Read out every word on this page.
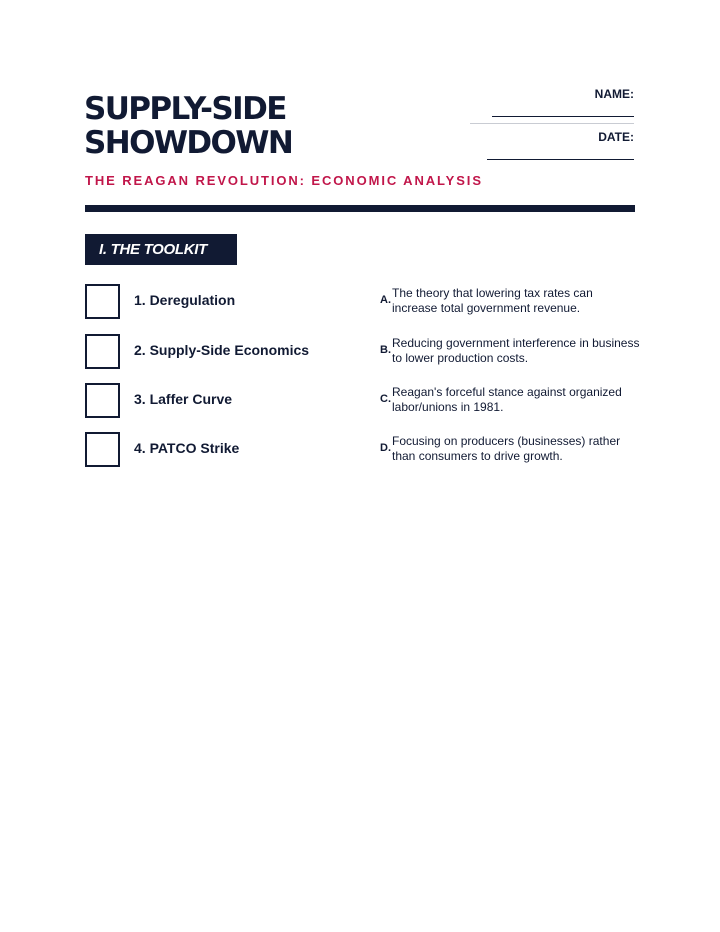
SUPPLY-SIDE
SHOWDOWN
THE REAGAN REVOLUTION: ECONOMIC ANALYSIS
NAME:
DATE:
I. THE TOOLKIT
1. Deregulation
2. Supply-Side Economics
3. Laffer Curve
4. PATCO Strike
A. The theory that lowering tax rates can increase total government revenue.
B. Reducing government interference in business to lower production costs.
C. Reagan's forceful stance against organized labor/unions in 1981.
D. Focusing on producers (businesses) rather than consumers to drive growth.
